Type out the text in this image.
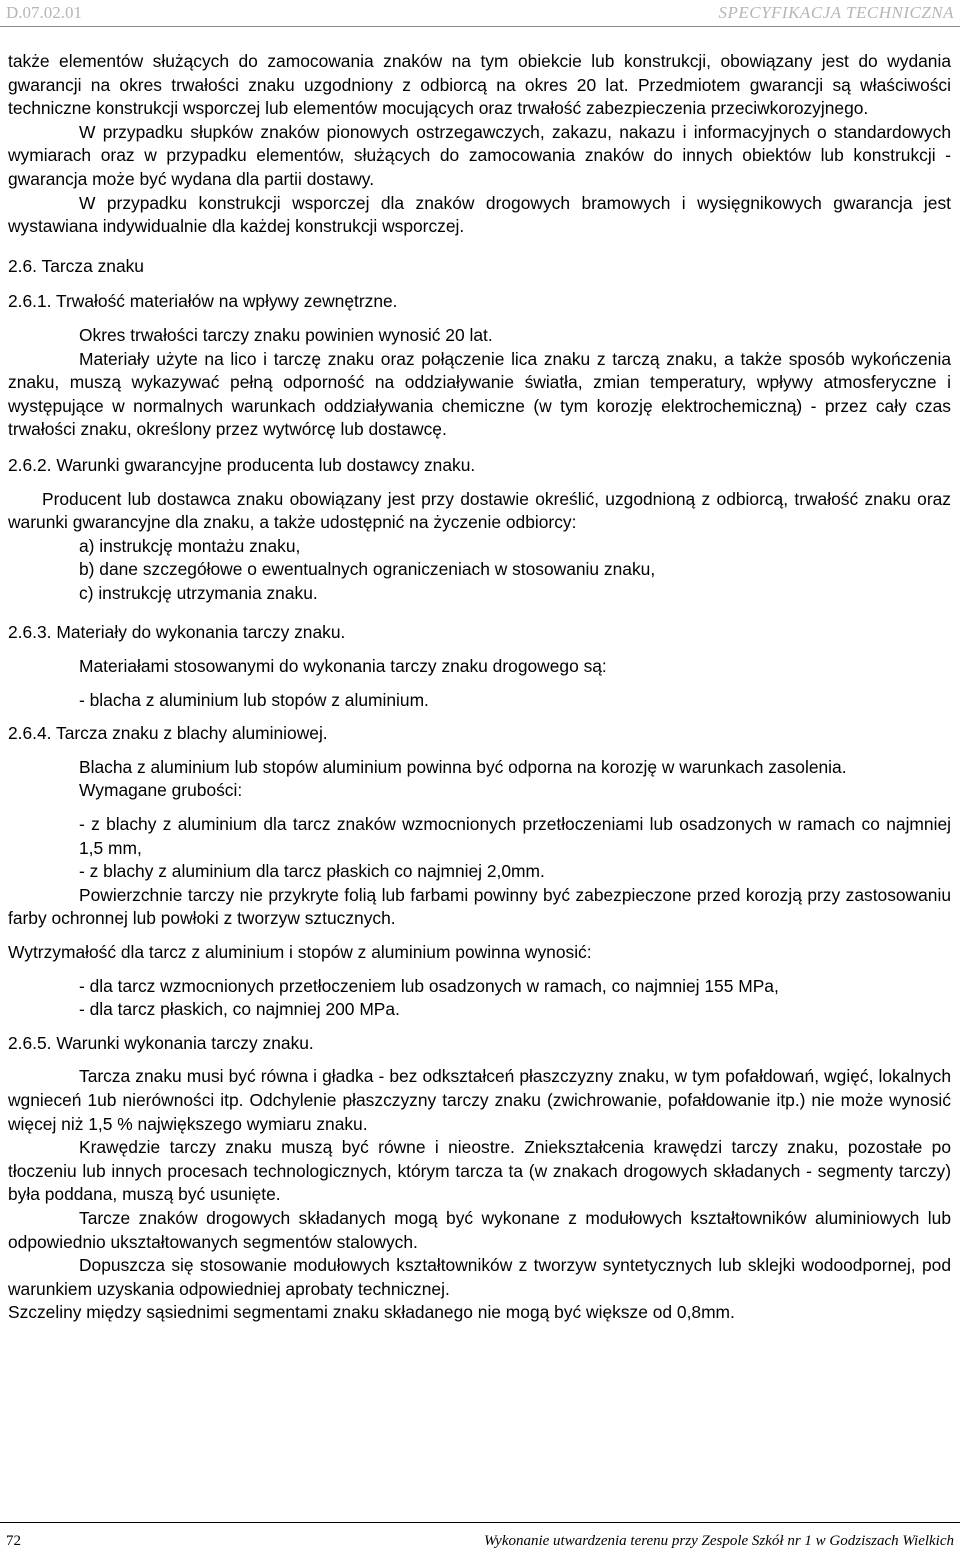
D.07.02.01	SPECYFIKACJA TECHNICZNA

także elementów służących do zamocowania znaków na tym obiekcie lub konstrukcji, obowiązany jest do wydania gwarancji na okres trwałości znaku uzgodniony z odbiorcą na okres 20 lat. Przedmiotem gwarancji są właściwości techniczne konstrukcji wsporczej lub elementów mocujących oraz trwałość zabezpieczenia przeciwkorozyjnego.

W przypadku słupków znaków pionowych ostrzegawczych, zakazu, nakazu i informacyjnych o standardowych wymiarach oraz w przypadku elementów, służących do zamocowania znaków do innych obiektów lub konstrukcji - gwarancja może być wydana dla partii dostawy.

W przypadku konstrukcji wsporczej dla znaków drogowych bramowych i wysięgnikowych gwarancja jest wystawiana indywidualnie dla każdej konstrukcji wsporczej.

2.6. Tarcza znaku

2.6.1. Trwałość materiałów na wpływy zewnętrzne.

Okres trwałości tarczy znaku powinien wynosić 20 lat.

Materiały użyte na lico i tarczę znaku oraz połączenie lica znaku z tarczą znaku, a także sposób wykończenia znaku, muszą wykazywać pełną odporność na oddziaływanie światła, zmian temperatury, wpływy atmosferyczne i występujące w normalnych warunkach oddziaływania chemiczne (w tym korozję elektrochemiczną) - przez cały czas trwałości znaku, określony przez wytwórcę lub dostawcę.

2.6.2. Warunki gwarancyjne producenta lub dostawcy znaku.

Producent lub dostawca znaku obowiązany jest przy dostawie określić, uzgodnioną z odbiorcą, trwałość znaku oraz warunki gwarancyjne dla znaku, a także udostępnić na życzenie odbiorcy:

a) instrukcję montażu znaku,

b) dane szczegółowe o ewentualnych ograniczeniach w stosowaniu znaku,

c) instrukcję utrzymania znaku.

2.6.3. Materiały do wykonania tarczy znaku.

Materiałami stosowanymi do wykonania tarczy znaku drogowego są:

- blacha z aluminium lub stopów z aluminium.

2.6.4. Tarcza znaku z blachy aluminiowej.

Blacha z aluminium lub stopów aluminium powinna być odporna na korozję w warunkach zasolenia.

Wymagane grubości:

- z blachy z aluminium dla tarcz znaków wzmocnionych przetłoczeniami lub osadzonych w ramach co najmniej 1,5 mm,

- z blachy z aluminium dla tarcz płaskich co najmniej 2,0mm.

Powierzchnie tarczy nie przykryte folią lub farbami powinny być zabezpieczone przed korozją przy zastosowaniu farby ochronnej lub powłoki z tworzyw sztucznych.

Wytrzymałość dla tarcz z aluminium i stopów z aluminium powinna wynosić:

- dla tarcz wzmocnionych przetłoczeniem lub osadzonych w ramach, co najmniej 155 MPa,

- dla tarcz płaskich, co najmniej 200 MPa.

2.6.5. Warunki wykonania tarczy znaku.

Tarcza znaku musi być równa i gładka - bez odkształceń płaszczyzny znaku, w tym pofałdowań, wgięć, lokalnych wgnieceń 1ub nierówności itp. Odchylenie płaszczyzny tarczy znaku (zwichrowanie, pofałdowanie itp.) nie może wynosić więcej niż 1,5 % największego wymiaru znaku.

Krawędzie tarczy znaku muszą być równe i nieostre. Zniekształcenia krawędzi tarczy znaku, pozostałe po tłoczeniu lub innych procesach technologicznych, którym tarcza ta (w znakach drogowych składanych - segmenty tarczy) była poddana, muszą być usunięte.

Tarcze znaków drogowych składanych mogą być wykonane z modułowych kształtowników aluminiowych lub odpowiednio ukształtowanych segmentów stalowych.

Dopuszcza się stosowanie modułowych kształtowników z tworzyw syntetycznych lub sklejki wodoodpornej, pod warunkiem uzyskania odpowiedniej aprobaty technicznej.

Szczeliny między sąsiednimi segmentami znaku składanego nie mogą być większe od 0,8mm.

72	Wykonanie utwardzenia terenu przy Zespole Szkół nr 1 w Godziszach Wielkich
